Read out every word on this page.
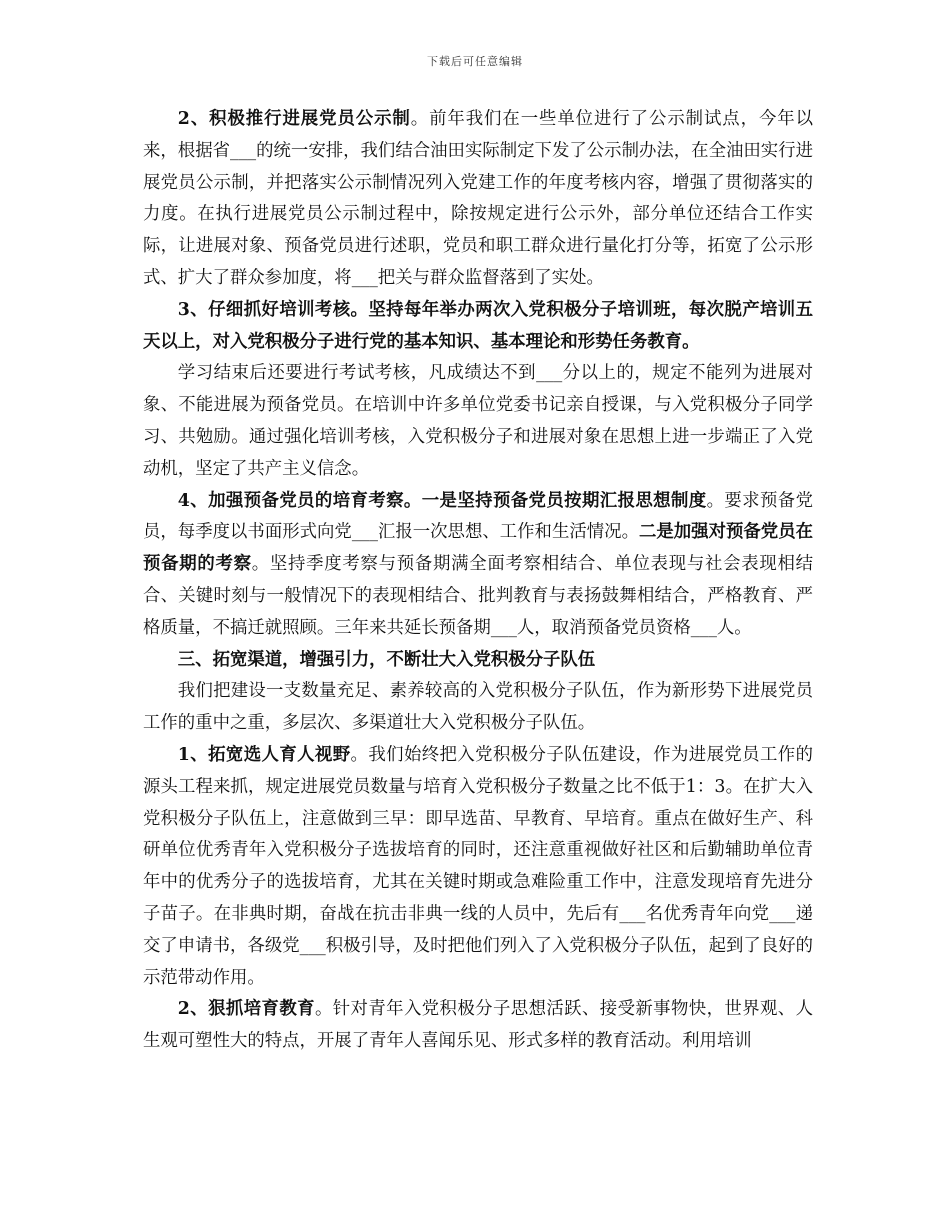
下载后可任意编辑

2、积极推行进展党员公示制。前年我们在一些单位进行了公示制试点，今年以来，根据省___的统一安排，我们结合油田实际制定下发了公示制办法，在全油田实行进展党员公示制，并把落实公示制情况列入党建工作的年度考核内容，增强了贯彻落实的力度。在执行进展党员公示制过程中，除按规定进行公示外，部分单位还结合工作实际，让进展对象、预备党员进行述职，党员和职工群众进行量化打分等，拓宽了公示形式、扩大了群众参加度，将___把关与群众监督落到了实处。

3、仔细抓好培训考核。坚持每年举办两次入党积极分子培训班，每次脱产培训五天以上，对入党积极分子进行党的基本知识、基本理论和形势任务教育。

学习结束后还要进行考试考核，凡成绩达不到___分以上的，规定不能列为进展对象、不能进展为预备党员。在培训中许多单位党委书记亲自授课，与入党积极分子同学习、共勉励。通过强化培训考核，入党积极分子和进展对象在思想上进一步端正了入党动机，坚定了共产主义信念。

4、加强预备党员的培育考察。一是坚持预备党员按期汇报思想制度。要求预备党员，每季度以书面形式向党___汇报一次思想、工作和生活情况。二是加强对预备党员在预备期的考察。坚持季度考察与预备期满全面考察相结合、单位表现与社会表现相结合、关键时刻与一般情况下的表现相结合、批判教育与表扬鼓舞相结合，严格教育、严格质量，不搞迁就照顾。三年来共延长预备期___人，取消预备党员资格___人。

三、拓宽渠道，增强引力，不断壮大入党积极分子队伍

我们把建设一支数量充足、素养较高的入党积极分子队伍，作为新形势下进展党员工作的重中之重，多层次、多渠道壮大入党积极分子队伍。

1、拓宽选人育人视野。我们始终把入党积极分子队伍建设，作为进展党员工作的源头工程来抓，规定进展党员数量与培育入党积极分子数量之比不低于1：3。在扩大入党积极分子队伍上，注意做到三早：即早选苗、早教育、早培育。重点在做好生产、科研单位优秀青年入党积极分子选拔培育的同时，还注意重视做好社区和后勤辅助单位青年中的优秀分子的选拔培育，尤其在关键时期或急难险重工作中，注意发现培育先进分子苗子。在非典时期，奋战在抗击非典一线的人员中，先后有___名优秀青年向党___递交了申请书，各级党___积极引导，及时把他们列入了入党积极分子队伍，起到了良好的示范带动作用。

2、狠抓培育教育。针对青年入党积极分子思想活跃、接受新事物快，世界观、人生观可塑性大的特点，开展了青年人喜闻乐见、形式多样的教育活动。利用培训
